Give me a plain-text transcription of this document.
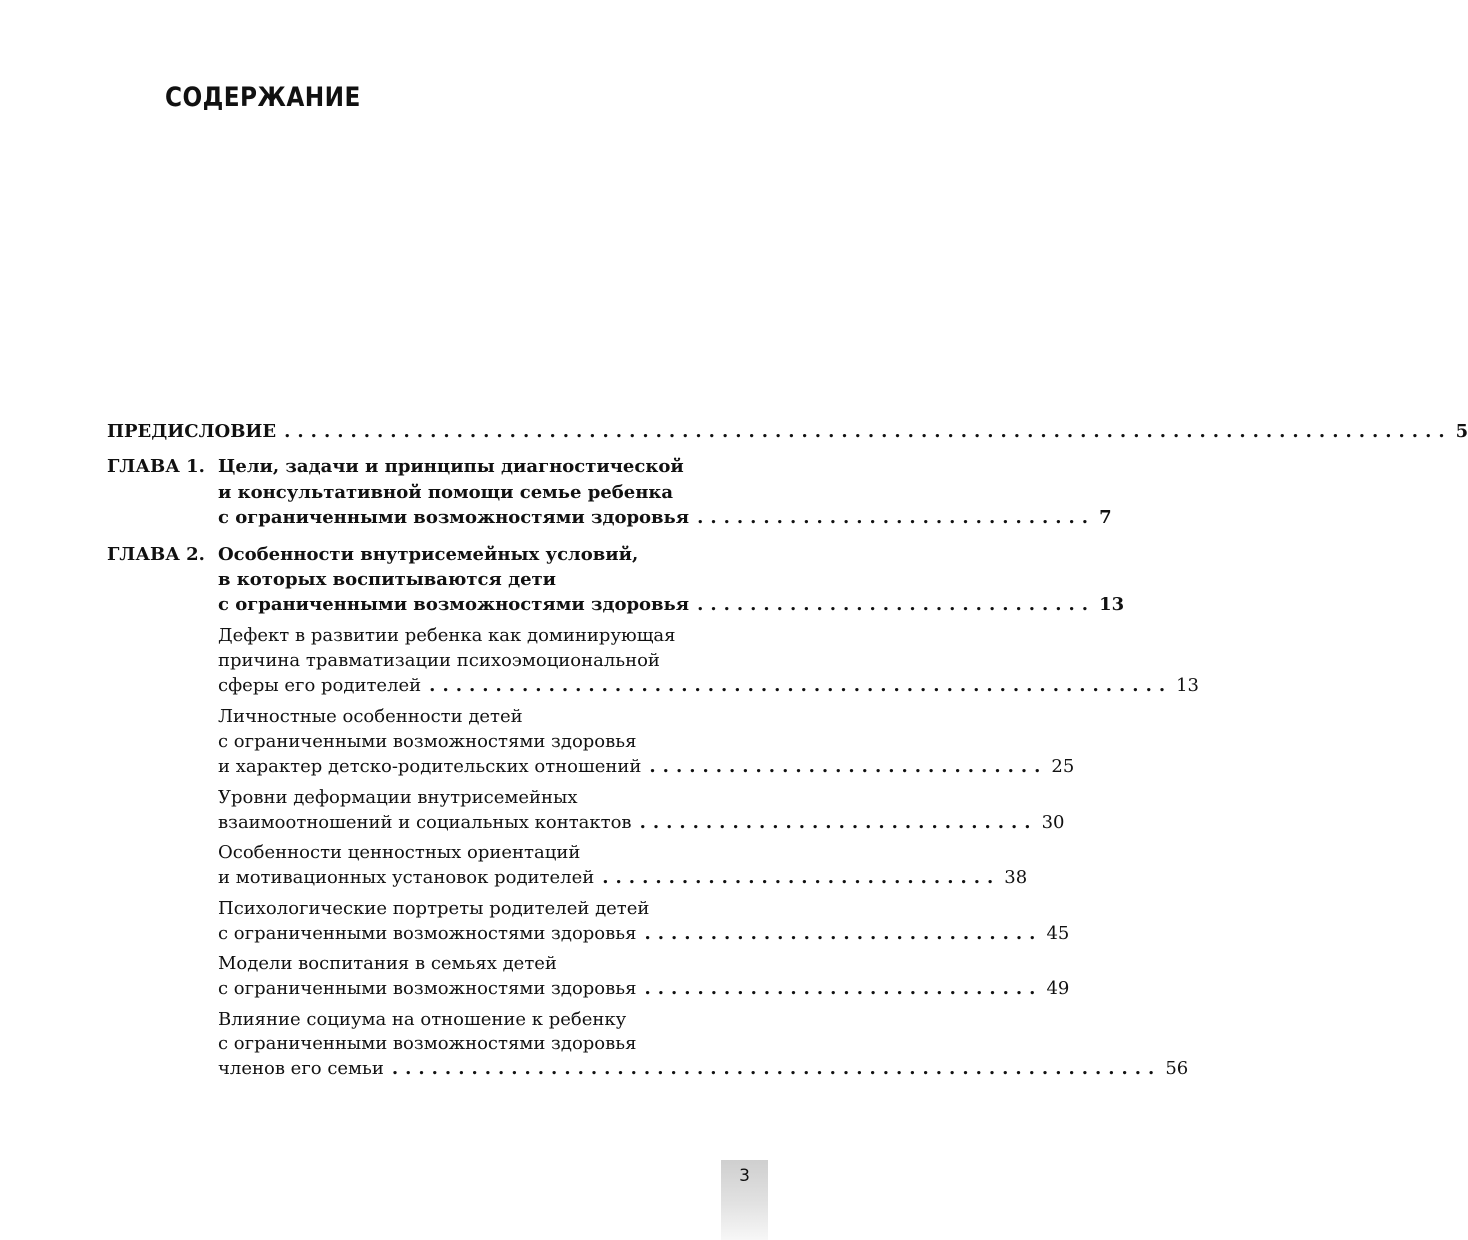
СОДЕРЖАНИЕ
ПРЕДИСЛОВИЕ ........................................................................................ 5
ГЛАВА 1. Цели, задачи и принципы диагностической
и консультативной помощи семье ребенка
с ограниченными возможностями здоровья .............................. 7
ГЛАВА 2. Особенности внутрисемейных условий,
в которых воспитываются дети
с ограниченными возможностями здоровья .............................. 13
Дефект в развитии ребенка как доминирующая
причина травматизации психоэмоциональной
сферы его родителей ........................................................ 13
Личностные особенности детей
с ограниченными возможностями здоровья
и характер детско-родительских отношений .............................. 25
Уровни деформации внутрисемейных
взаимоотношений и социальных контактов .............................. 30
Особенности ценностных ориентаций
и мотивационных установок родителей .............................. 38
Психологические портреты родителей детей
с ограниченными возможностями здоровья .............................. 45
Модели воспитания в семьях детей
с ограниченными возможностями здоровья .............................. 49
Влияние социума на отношение к ребенку
с ограниченными возможностями здоровья
членов его семьи .......................................................... 56
3
